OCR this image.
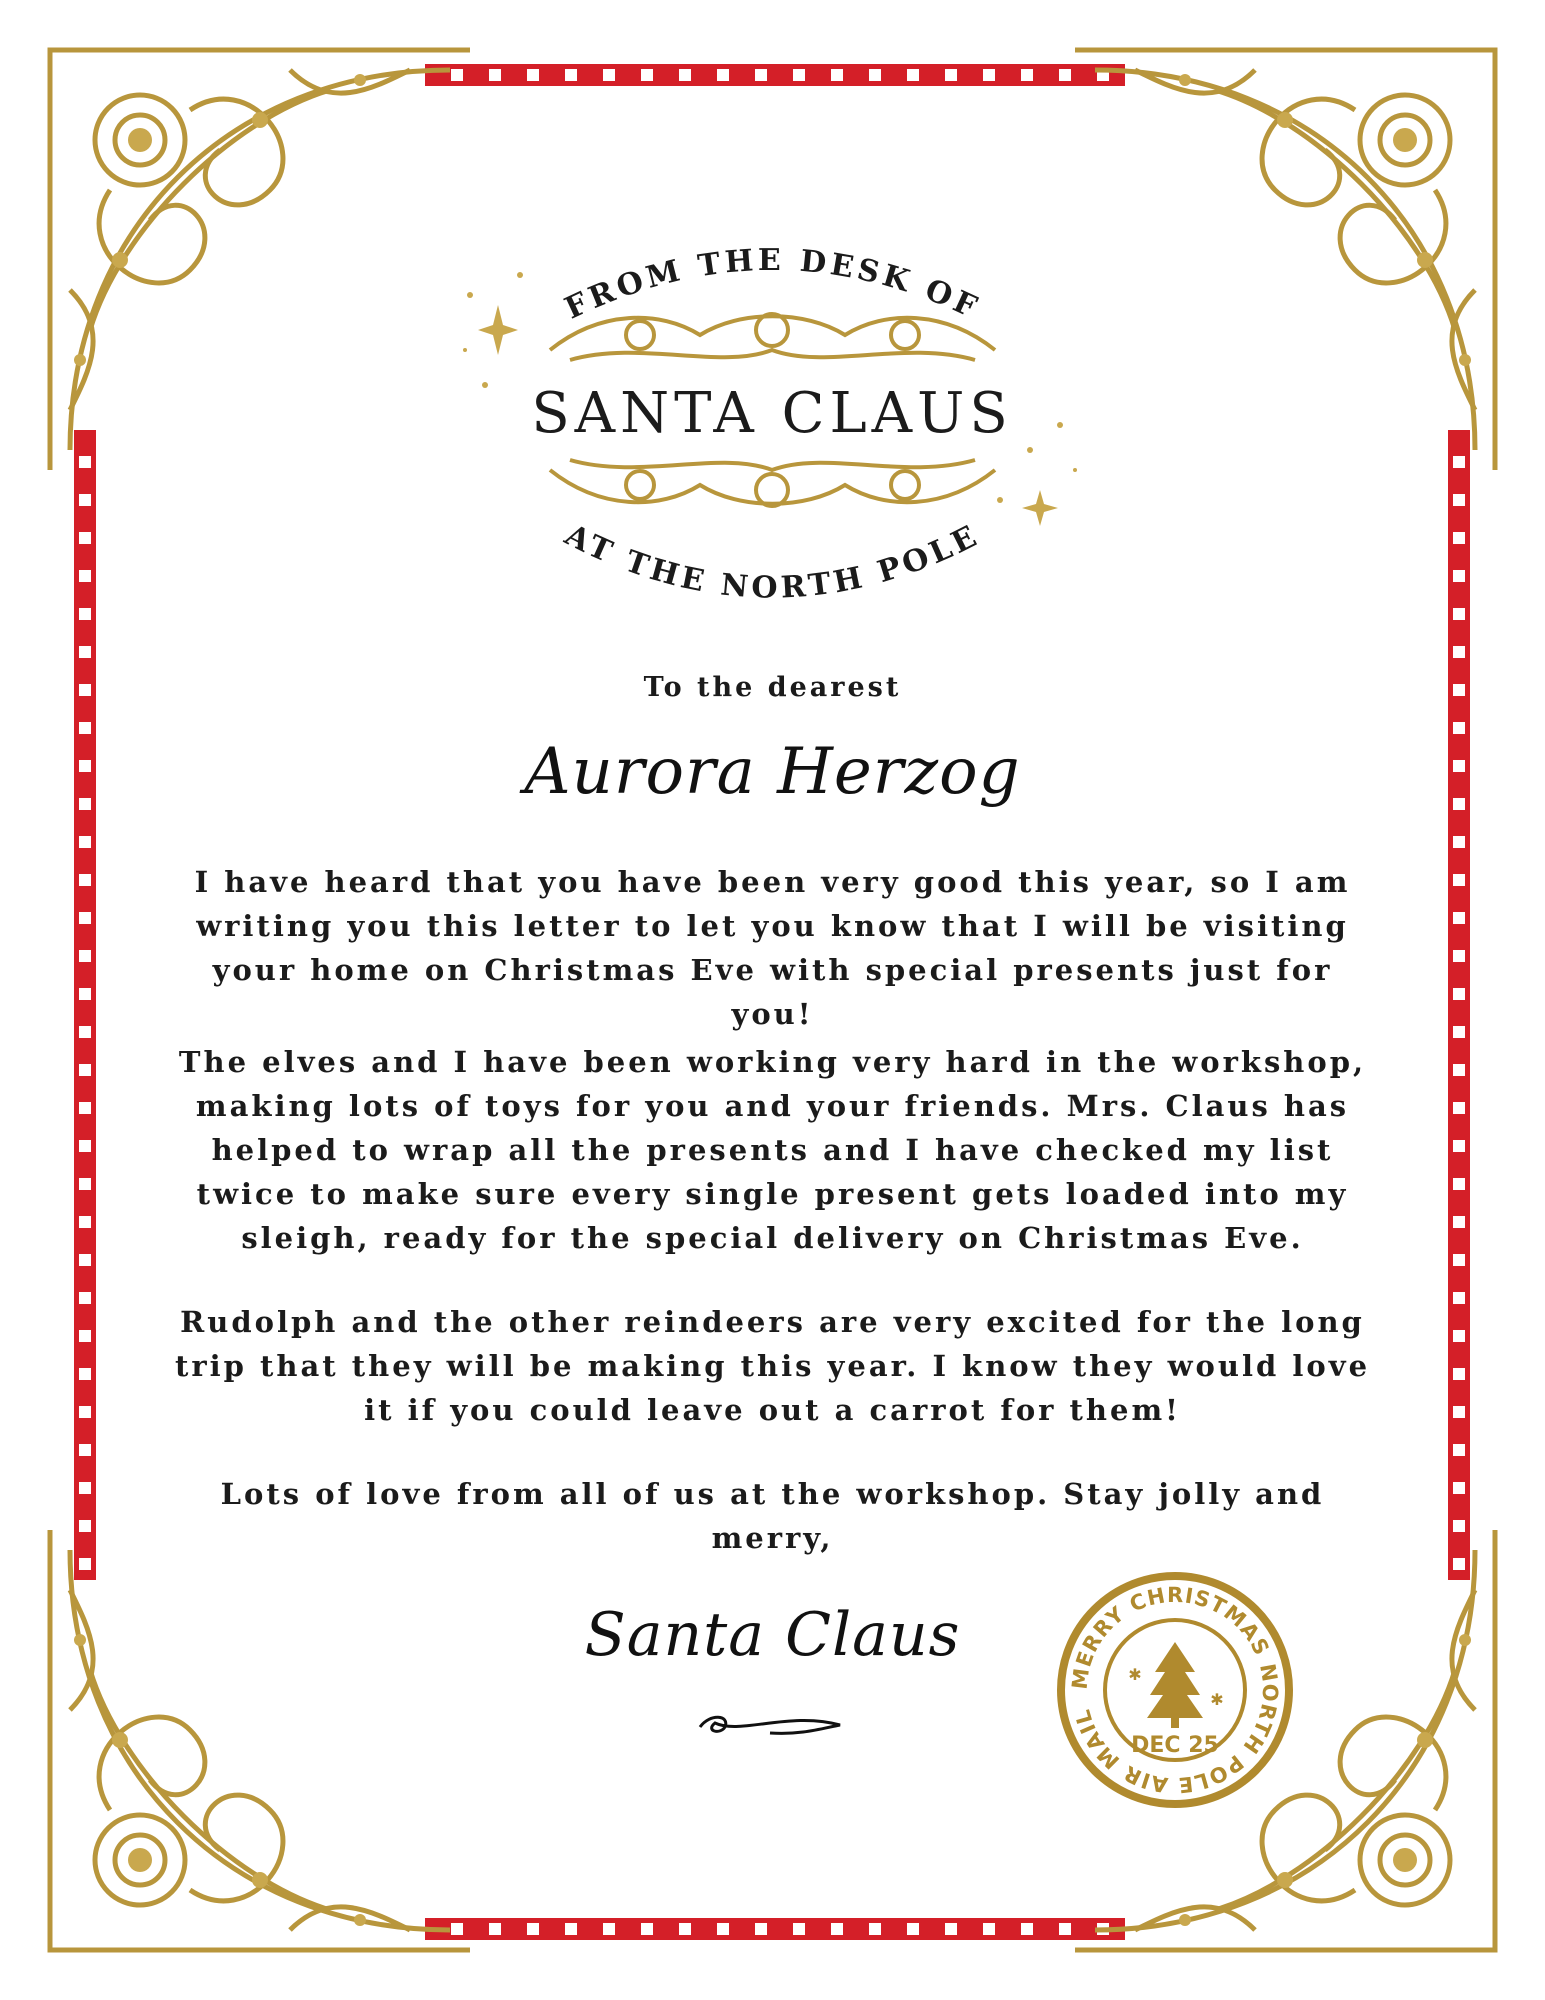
FROM THE DESK OF
SANTA CLAUS
AT THE NORTH POLE
To the dearest
Aurora Herzog
I have heard that you have been very good this year, so I am writing you this letter to let you know that I will be visiting your home on Christmas Eve with special presents just for you!
The elves and I have been working very hard in the workshop, making lots of toys for you and your friends. Mrs. Claus has helped to wrap all the presents and I have checked my list twice to make sure every single present gets loaded into my sleigh, ready for the special delivery on Christmas Eve.
Rudolph and the other reindeers are very excited for the long trip that they will be making this year. I know they would love it if you could leave out a carrot for them!
Lots of love from all of us at the workshop. Stay jolly and merry,
Santa Claus
MERRY CHRISTMAS NORTH POLE AIR MAIL
DEC 25
✱
✱
